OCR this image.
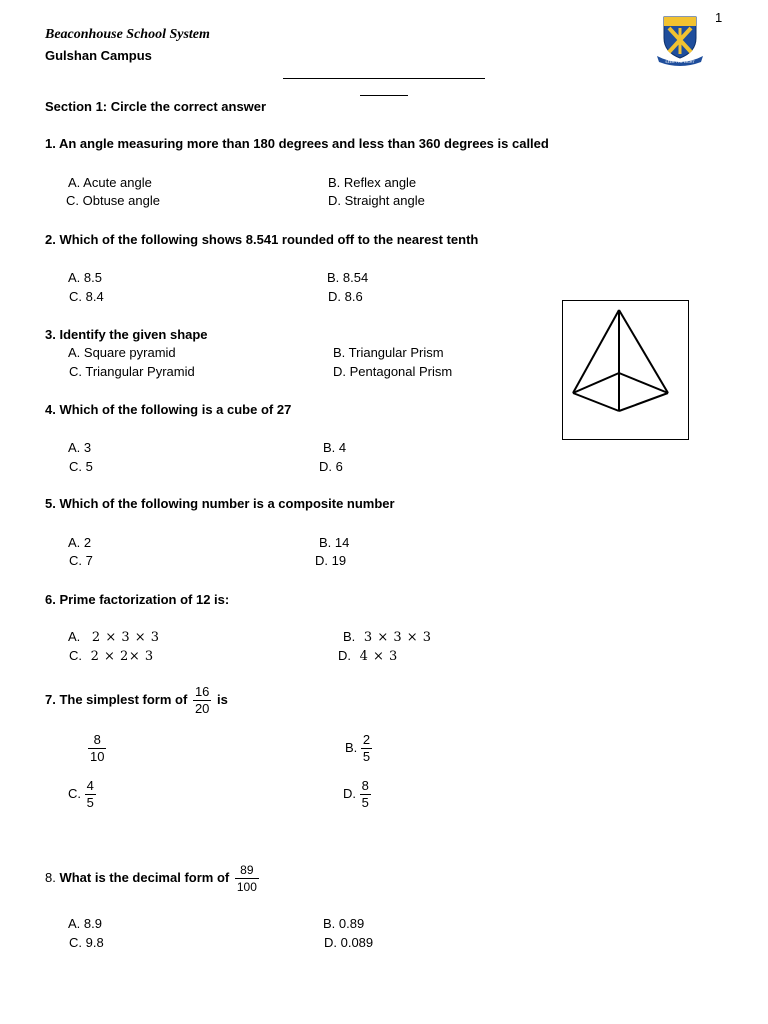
Beaconhouse School System
Gulshan Campus
1
SEEK THE LIGHT
Section 1: Circle the correct answer
1. An angle measuring more than 180 degrees and less than 360 degrees is called
A. Acute angle	B. Reflex angle
C. Obtuse angle	D. Straight angle
2. Which of the following shows 8.541 rounded off to the nearest tenth
A. 8.5	B. 8.54
C. 8.4	D. 8.6
3. Identify the given shape
A. Square pyramid	B. Triangular Prism
C. Triangular Pyramid	D. Pentagonal Prism
4. Which of the following is a cube of 27
A. 3	B. 4
C. 5	D. 6
5. Which of the following number is a composite number
A. 2	B. 14
C. 7	D. 19
6. Prime factorization of 12 is:
A. 2 × 3 × 3	B. 3 × 3 × 3
C. 2 × 2× 3	D. 4 × 3
7. The simplest form of $\frac{16}{20}$ is
$\frac{8}{10}$	B. $\frac{2}{5}$
C. $\frac{4}{5}$	D. $\frac{8}{5}$
8. What is the decimal form of $\frac{89}{100}$
A. 8.9	B. 0.89
C. 9.8	D. 0.089
